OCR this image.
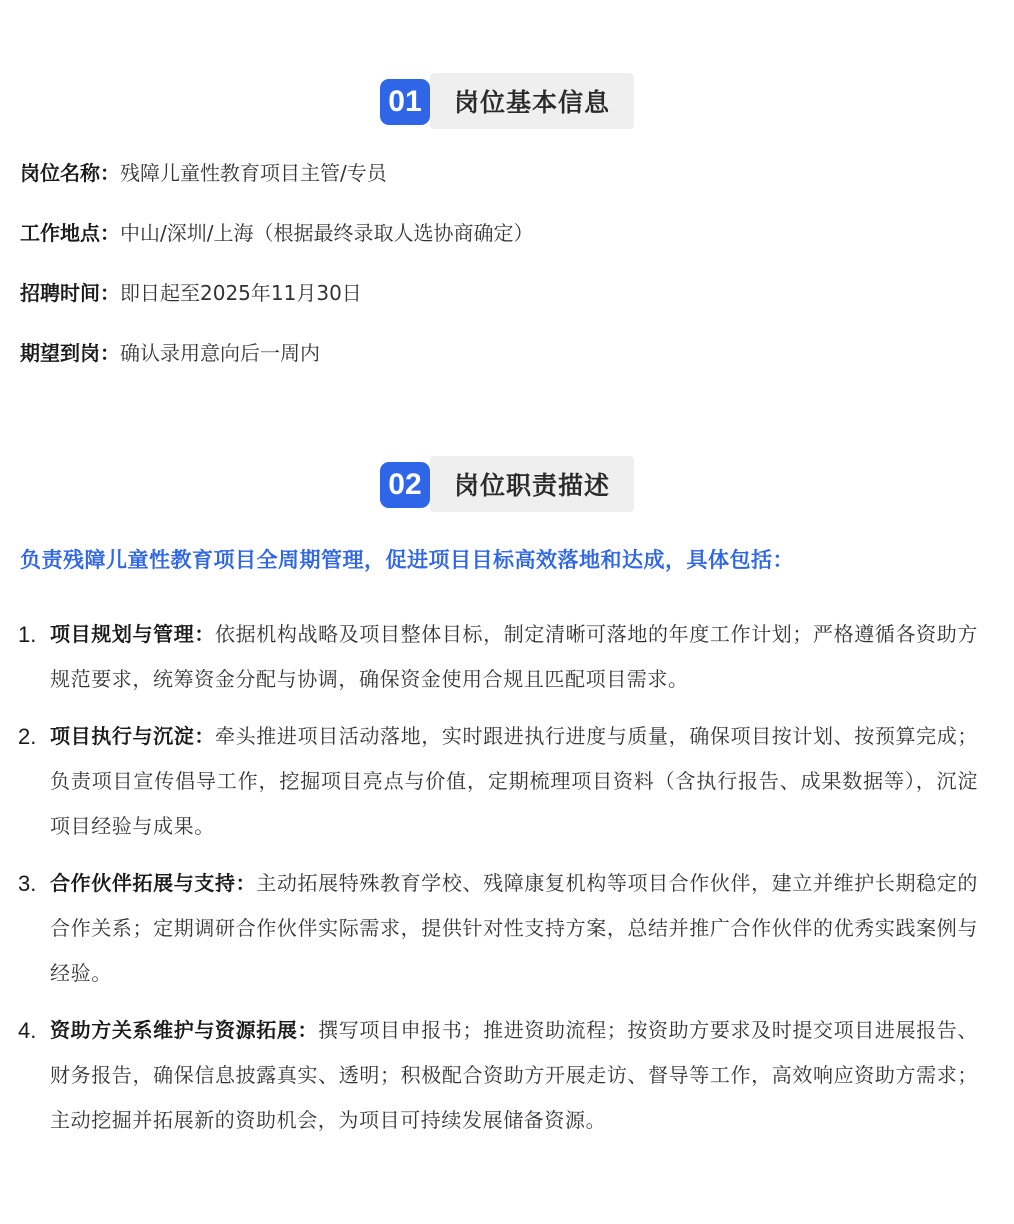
01	岗位基本信息
岗位名称：残障儿童性教育项目主管/专员
工作地点：中山/深圳/上海（根据最终录取人选协商确定）
招聘时间：即日起至2025年11月30日
期望到岗：确认录用意向后一周内
02	岗位职责描述
负责残障儿童性教育项目全周期管理，促进项目目标高效落地和达成，具体包括：
1. 项目规划与管理：依据机构战略及项目整体目标，制定清晰可落地的年度工作计划；严格遵循各资助方规范要求，统筹资金分配与协调，确保资金使用合规且匹配项目需求。
2. 项目执行与沉淀：牵头推进项目活动落地，实时跟进执行进度与质量，确保项目按计划、按预算完成；负责项目宣传倡导工作，挖掘项目亮点与价值，定期梳理项目资料（含执行报告、成果数据等），沉淀项目经验与成果。
3. 合作伙伴拓展与支持：主动拓展特殊教育学校、残障康复机构等项目合作伙伴，建立并维护长期稳定的合作关系；定期调研合作伙伴实际需求，提供针对性支持方案，总结并推广合作伙伴的优秀实践案例与经验。
4. 资助方关系维护与资源拓展：撰写项目申报书；推进资助流程；按资助方要求及时提交项目进展报告、财务报告，确保信息披露真实、透明；积极配合资助方开展走访、督导等工作，高效响应资助方需求；主动挖掘并拓展新的资助机会，为项目可持续发展储备资源。
